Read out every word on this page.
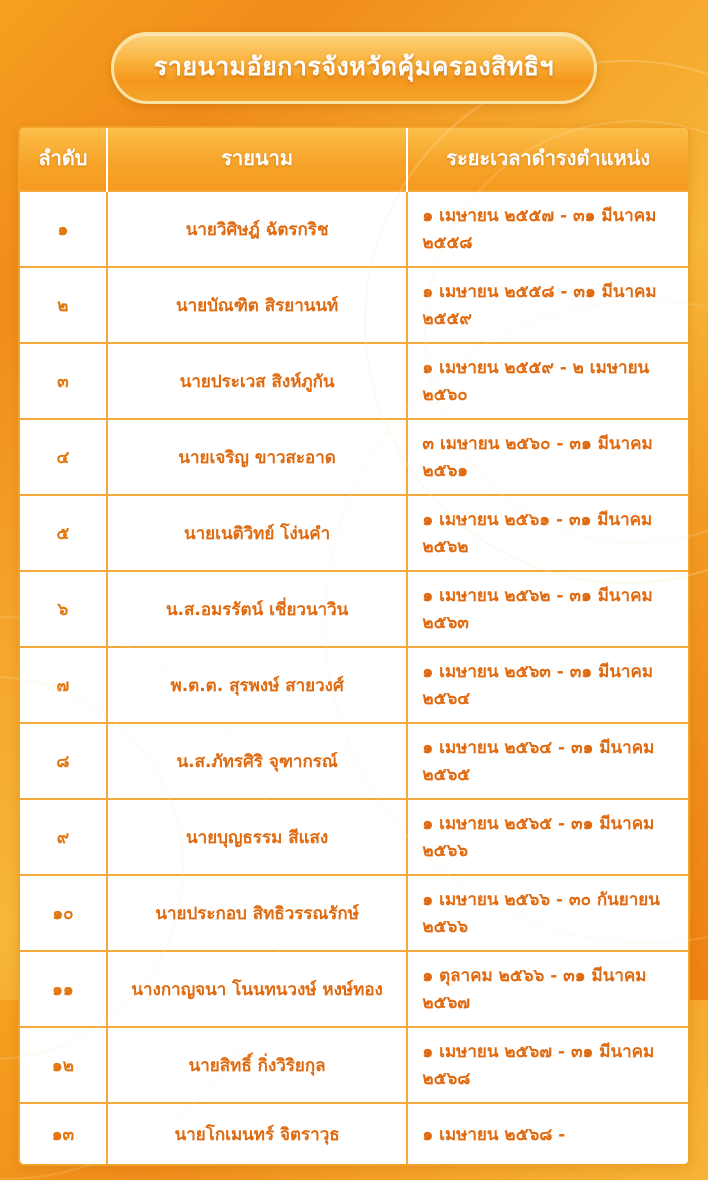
รายนามอัยการจังหวัดคุ้มครองสิทธิฯ
ลำดับ	รายนาม	ระยะเวลาดำรงตำแหน่ง
๑	นายวิศิษฎ์ ฉัตรกริช	๑ เมษายน ๒๕๕๗ - ๓๑ มีนาคม ๒๕๕๘
๒	นายบัณฑิต สิรยานนท์	๑ เมษายน ๒๕๕๘ - ๓๑ มีนาคม ๒๕๕๙
๓	นายประเวส สิงห์ภูกัน	๑ เมษายน ๒๕๕๙ - ๒ เมษายน ๒๕๖๐
๔	นายเจริญ ขาวสะอาด	๓ เมษายน ๒๕๖๐ - ๓๑ มีนาคม ๒๕๖๑
๕	นายเนติวิทย์ โง่นคำ	๑ เมษายน ๒๕๖๑ - ๓๑ มีนาคม ๒๕๖๒
๖	น.ส.อมรรัตน์ เชี่ยวนาวิน	๑ เมษายน ๒๕๖๒ - ๓๑ มีนาคม ๒๕๖๓
๗	พ.ต.ต. สุรพงษ์ สายวงศ์	๑ เมษายน ๒๕๖๓ - ๓๑ มีนาคม ๒๕๖๔
๘	น.ส.ภัทรศิริ จุฑากรณ์	๑ เมษายน ๒๕๖๔ - ๓๑ มีนาคม ๒๕๖๕
๙	นายบุญธรรม สีแสง	๑ เมษายน ๒๕๖๕ - ๓๑ มีนาคม ๒๕๖๖
๑๐	นายประกอบ สิทธิวรรณรักษ์	๑ เมษายน ๒๕๖๖ - ๓๐ กันยายน ๒๕๖๖
๑๑	นางกาญจนา โนนทนวงษ์ หงษ์ทอง	๑ ตุลาคม ๒๕๖๖ - ๓๑ มีนาคม ๒๕๖๗
๑๒	นายสิทธิ์ กิ่งวิริยกุล	๑ เมษายน ๒๕๖๗ - ๓๑ มีนาคม ๒๕๖๘
๑๓	นายโกเมนทร์ จิตราวุธ	๑ เมษายน ๒๕๖๘ -
